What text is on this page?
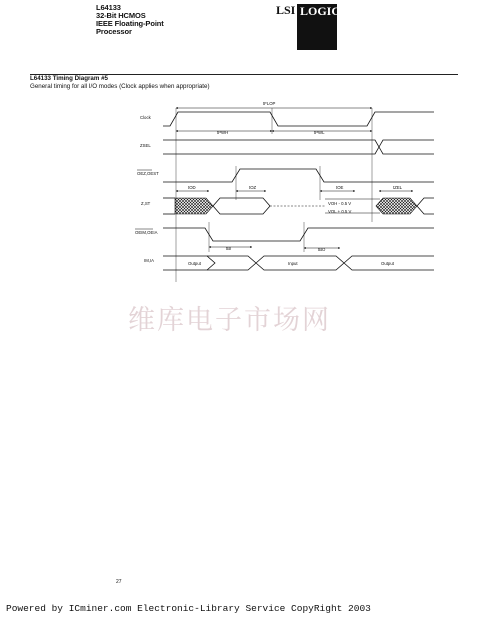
L64133
32-Bit HCMOS
IEEE Floating-Point
Processor
LSI LOGIC
L64133 Timing Diagram #5
General timing for all I/O modes (Clock applies when appropriate)
Clock
ZSEL
OEZ,OEST
Z,ST
OEIM,OEIA
IM,IA
VOH - 0.5 V
VOL + 0.5 V
Output	Input	Output
tFLOP
tPWH	tPWL
tOD	tOZ	tOE	tZEL
tBI	tBO
维库电子市场网
27
Powered by ICminer.com Electronic-Library Service CopyRight 2003
